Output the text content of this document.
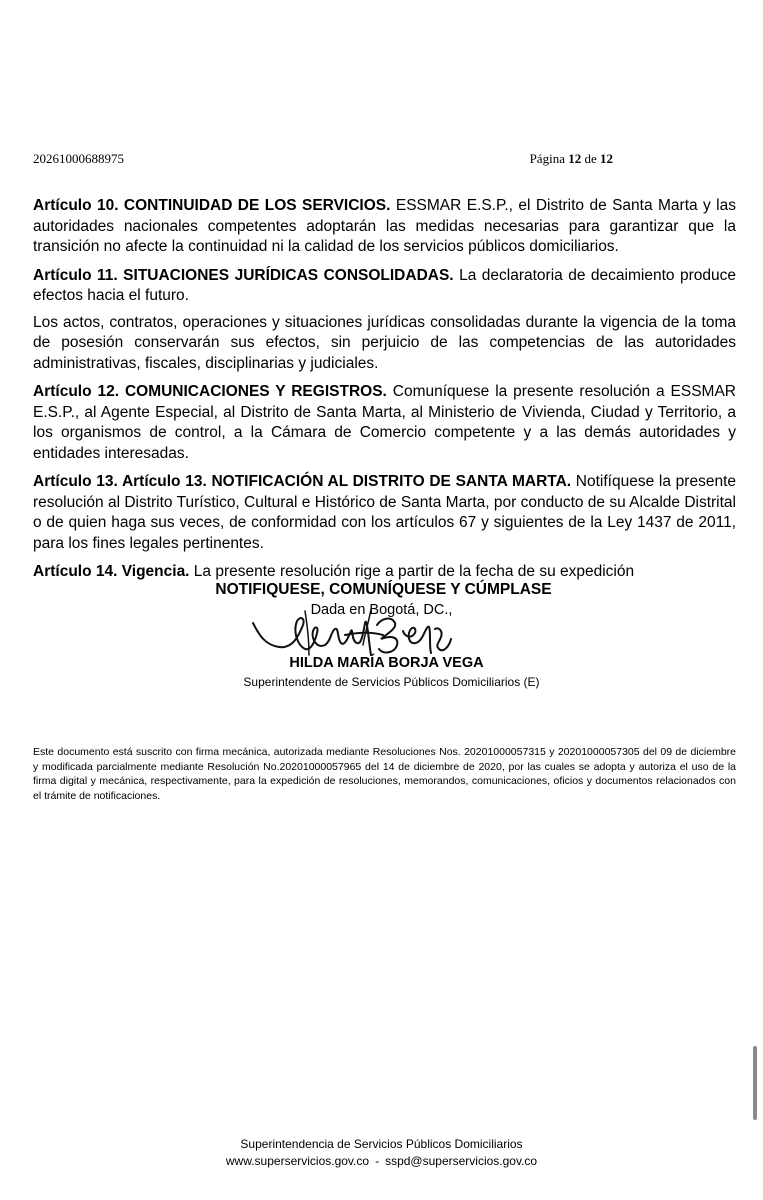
20261000688975	Página 12 de 12

Artículo 10. CONTINUIDAD DE LOS SERVICIOS. ESSMAR E.S.P., el Distrito de Santa Marta y las autoridades nacionales competentes adoptarán las medidas necesarias para garantizar que la transición no afecte la continuidad ni la calidad de los servicios públicos domiciliarios.

Artículo 11. SITUACIONES JURÍDICAS CONSOLIDADAS. La declaratoria de decaimiento produce efectos hacia el futuro.

Los actos, contratos, operaciones y situaciones jurídicas consolidadas durante la vigencia de la toma de posesión conservarán sus efectos, sin perjuicio de las competencias de las autoridades administrativas, fiscales, disciplinarias y judiciales.

Artículo 12. COMUNICACIONES Y REGISTROS. Comuníquese la presente resolución a ESSMAR E.S.P., al Agente Especial, al Distrito de Santa Marta, al Ministerio de Vivienda, Ciudad y Territorio, a los organismos de control, a la Cámara de Comercio competente y a las demás autoridades y entidades interesadas.

Artículo 13. Artículo 13. NOTIFICACIÓN AL DISTRITO DE SANTA MARTA. Notifíquese la presente resolución al Distrito Turístico, Cultural e Histórico de Santa Marta, por conducto de su Alcalde Distrital o de quien haga sus veces, de conformidad con los artículos 67 y siguientes de la Ley 1437 de 2011, para los fines legales pertinentes.

Artículo 14. Vigencia. La presente resolución rige a partir de la fecha de su expedición

NOTIFIQUESE, COMUNÍQUESE Y CÚMPLASE

Dada en Bogotá, DC.,

HILDA MARÍA BORJA VEGA
Superintendente de Servicios Públicos Domiciliarios (E)
Este documento está suscrito con firma mecánica, autorizada mediante Resoluciones Nos. 20201000057315 y 20201000057305 del 09 de diciembre y modificada parcialmente mediante Resolución No.20201000057965 del 14 de diciembre de 2020, por las cuales se adopta y autoriza el uso de la firma digital y mecánica, respectivamente, para la expedición de resoluciones, memorandos, comunicaciones, oficios y documentos relacionados con el trámite de notificaciones.

Superintendencia de Servicios Públicos Domiciliarios

www.superservicios.gov.co - sspd@superservicios.gov.co
